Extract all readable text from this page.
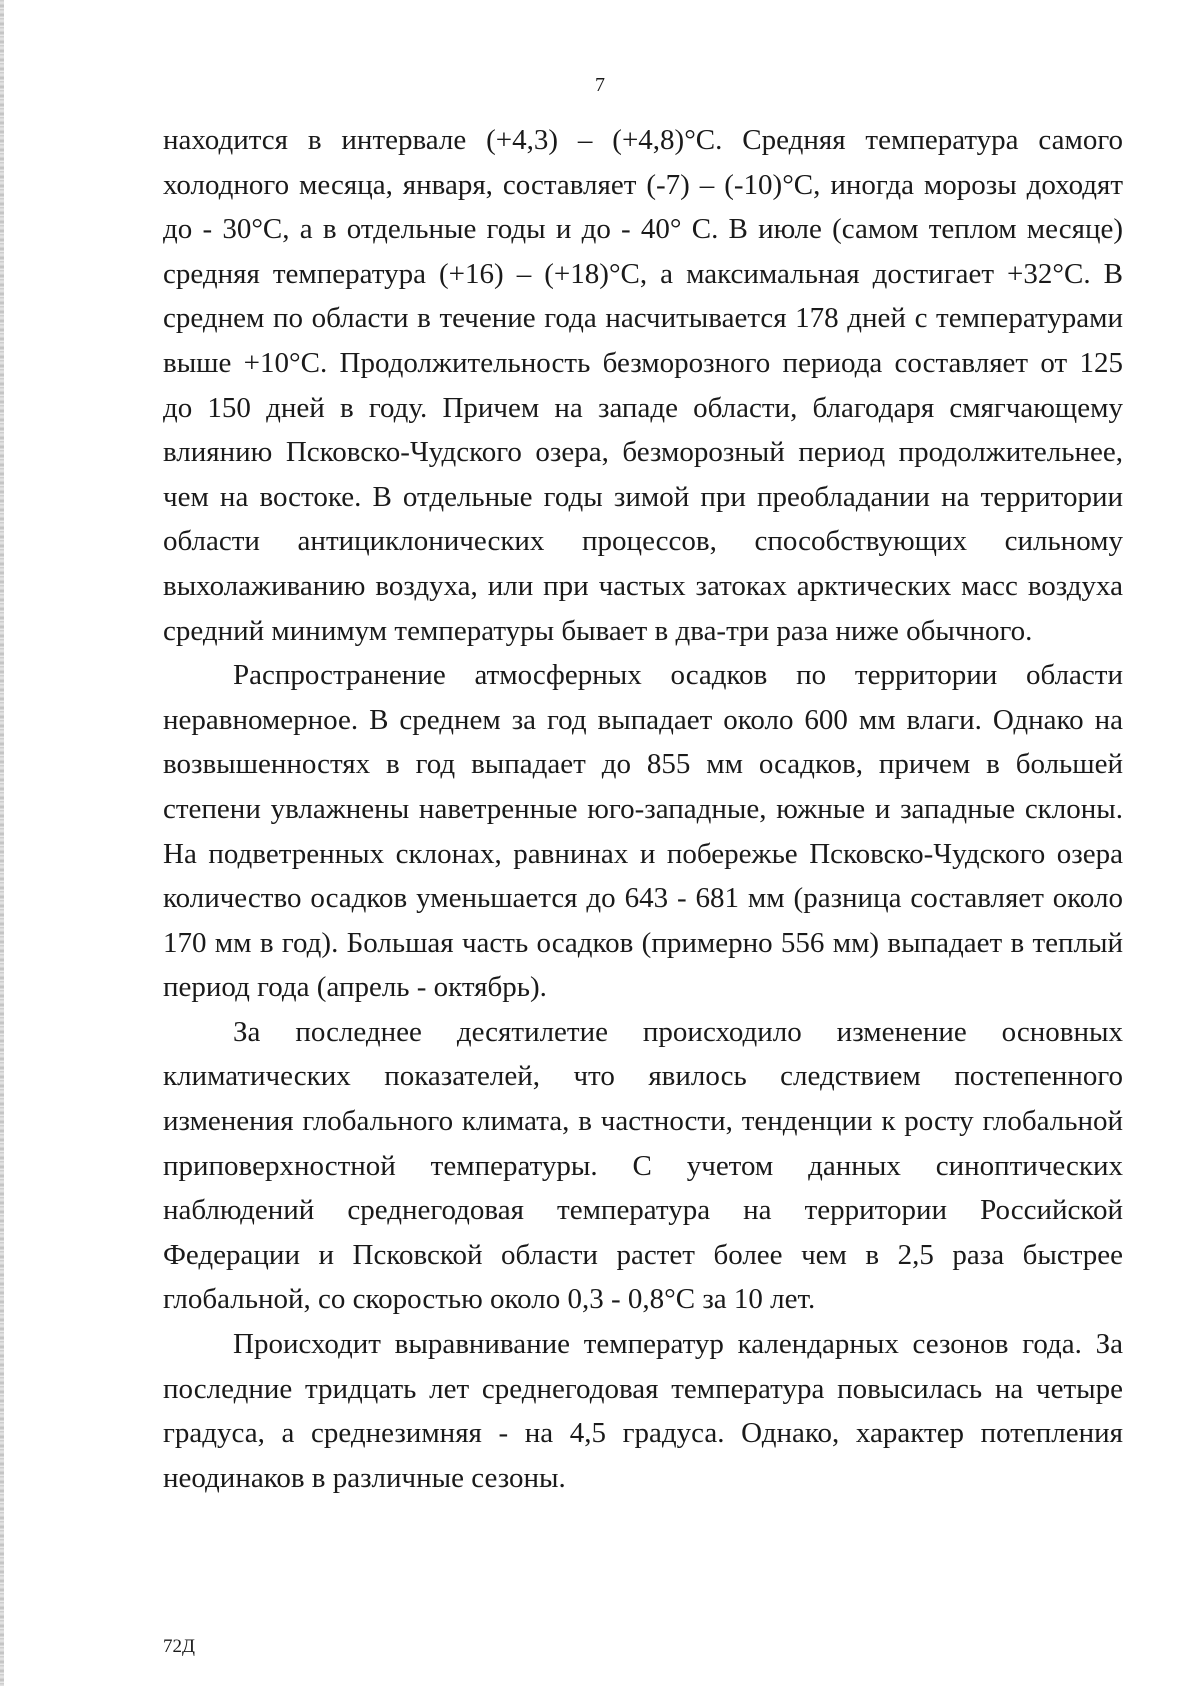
7

находится в интервале (+4,3) – (+4,8)°С. Средняя температура самого холодного месяца, января, составляет (-7) – (-10)°С, иногда морозы доходят до - 30°С, а в отдельные годы и до - 40° С. В июле (самом теплом месяце) средняя температура (+16) – (+18)°С, а максимальная достигает +32°С. В среднем по области в течение года насчитывается 178 дней с температурами выше +10°С. Продолжительность безморозного периода составляет от 125 до 150 дней в году. Причем на западе области, благодаря смягчающему влиянию Псковско-Чудского озера, безморозный период продолжительнее, чем на востоке. В отдельные годы зимой при преобладании на территории области антициклонических процессов, способствующих сильному выхолаживанию воздуха, или при частых затоках арктических масс воздуха средний минимум температуры бывает в два-три раза ниже обычного.

Распространение атмосферных осадков по территории области неравномерное. В среднем за год выпадает около 600 мм влаги. Однако на возвышенностях в год выпадает до 855 мм осадков, причем в большей степени увлажнены наветренные юго-западные, южные и западные склоны. На подветренных склонах, равнинах и побережье Псковско-Чудского озера количество осадков уменьшается до 643 - 681 мм (разница составляет около 170 мм в год). Большая часть осадков (примерно 556 мм) выпадает в теплый период года (апрель - октябрь).

За последнее десятилетие происходило изменение основных климатических показателей, что явилось следствием постепенного изменения глобального климата, в частности, тенденции к росту глобальной приповерхностной температуры. С учетом данных синоптических наблюдений среднегодовая температура на территории Российской Федерации и Псковской области растет более чем в 2,5 раза быстрее глобальной, со скоростью около 0,3 - 0,8°С за 10 лет.

Происходит выравнивание температур календарных сезонов года. За последние тридцать лет среднегодовая температура повысилась на четыре градуса, а среднезимняя - на 4,5 градуса. Однако, характер потепления неодинаков в различные сезоны.

72Д
